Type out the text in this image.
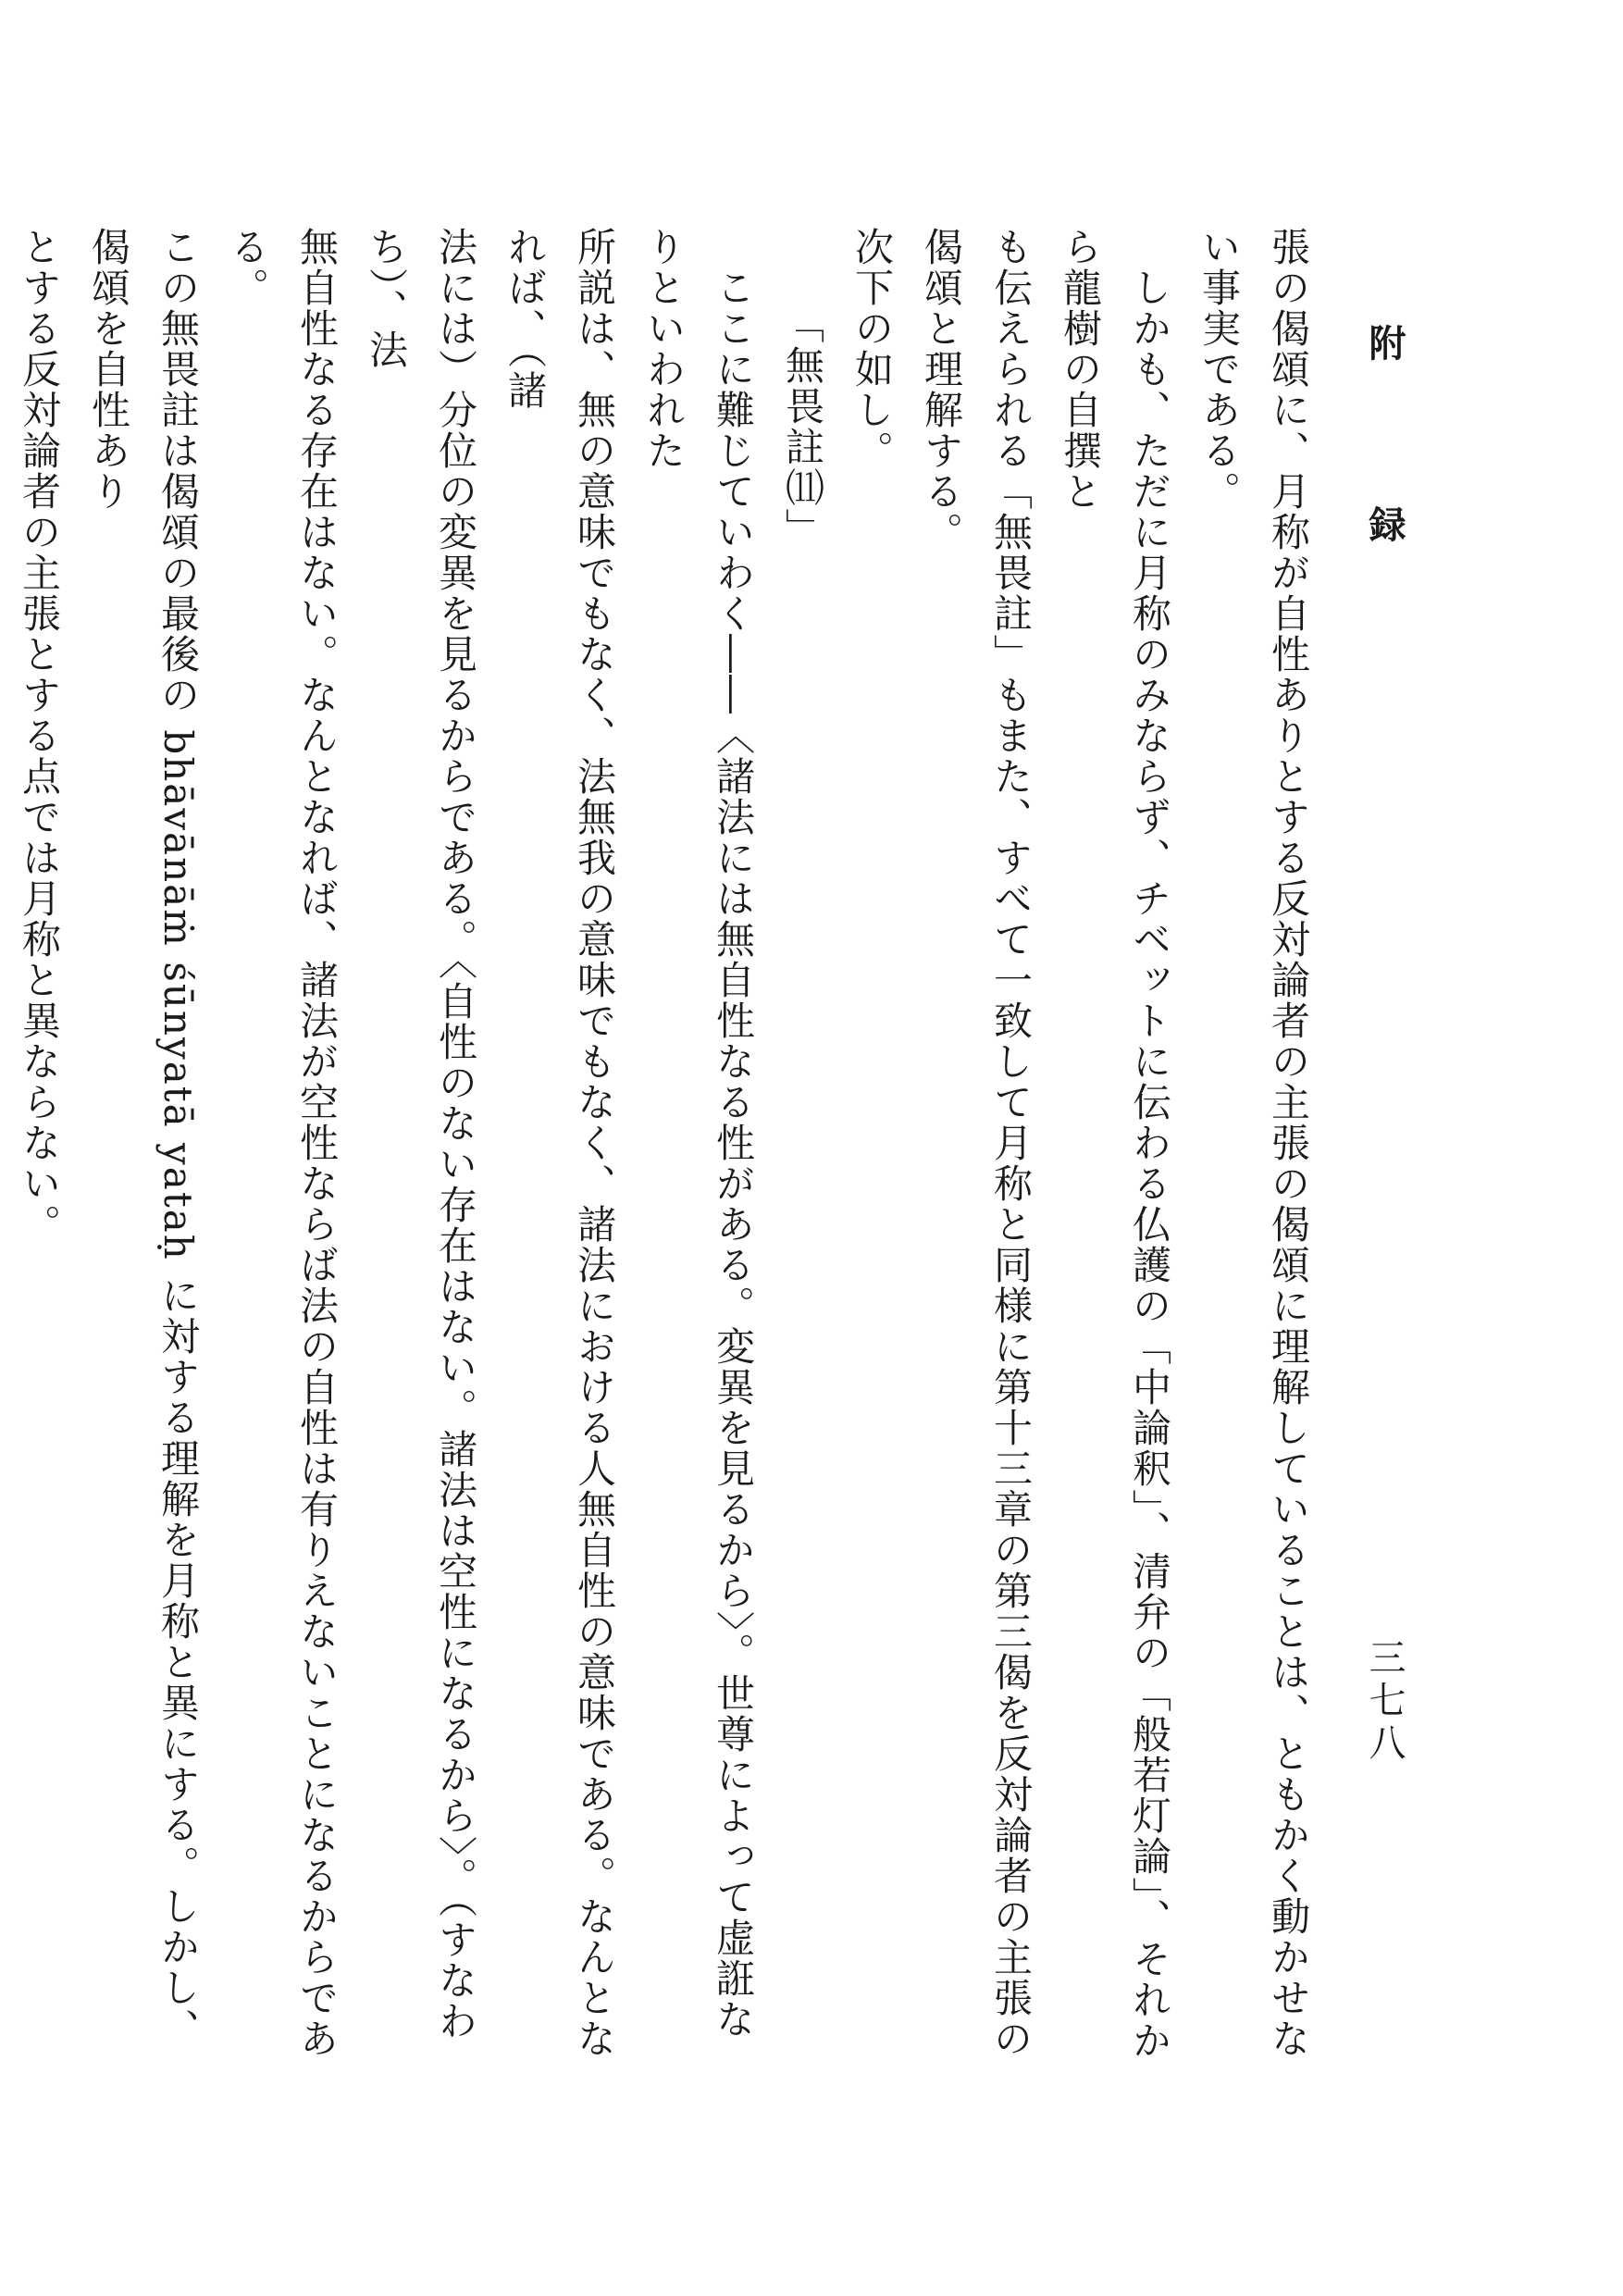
附　録
三七八

張の偈頌に、月称が自性ありとする反対論者の主張の偈頌に理解していることは、ともかく動かせない事実である。

　しかも、ただに月称のみならず、チベットに伝わる仏護の「中論釈」、清弁の「般若灯論」、それから龍樹の自撰と

も伝えられる「無畏註」もまた、すべて一致して月称と同様に第十三章の第三偈を反対論者の主張の偈頌と理解する。

次下の如し。

「無畏註⑾」

　ここに難じていわく――〈諸法には無自性なる性がある。変異を見るから〉。世尊によって虚誑なりといわれた

所説は、無の意味でもなく、法無我の意味でもなく、諸法における人無自性の意味である。なんとなれば、（諸

法には）分位の変異を見るからである。〈自性のない存在はない。諸法は空性になるから〉。（すなわち）、法

無自性なる存在はない。なんとなれば、諸法が空性ならば法の自性は有りえないことになるからである。

この無畏註は偈頌の最後の bhāvānāṁ śūnyatā yataḥ に対する理解を月称と異にする。しかし、偈頌を自性あり

とする反対論者の主張とする点では月称と異ならない。
